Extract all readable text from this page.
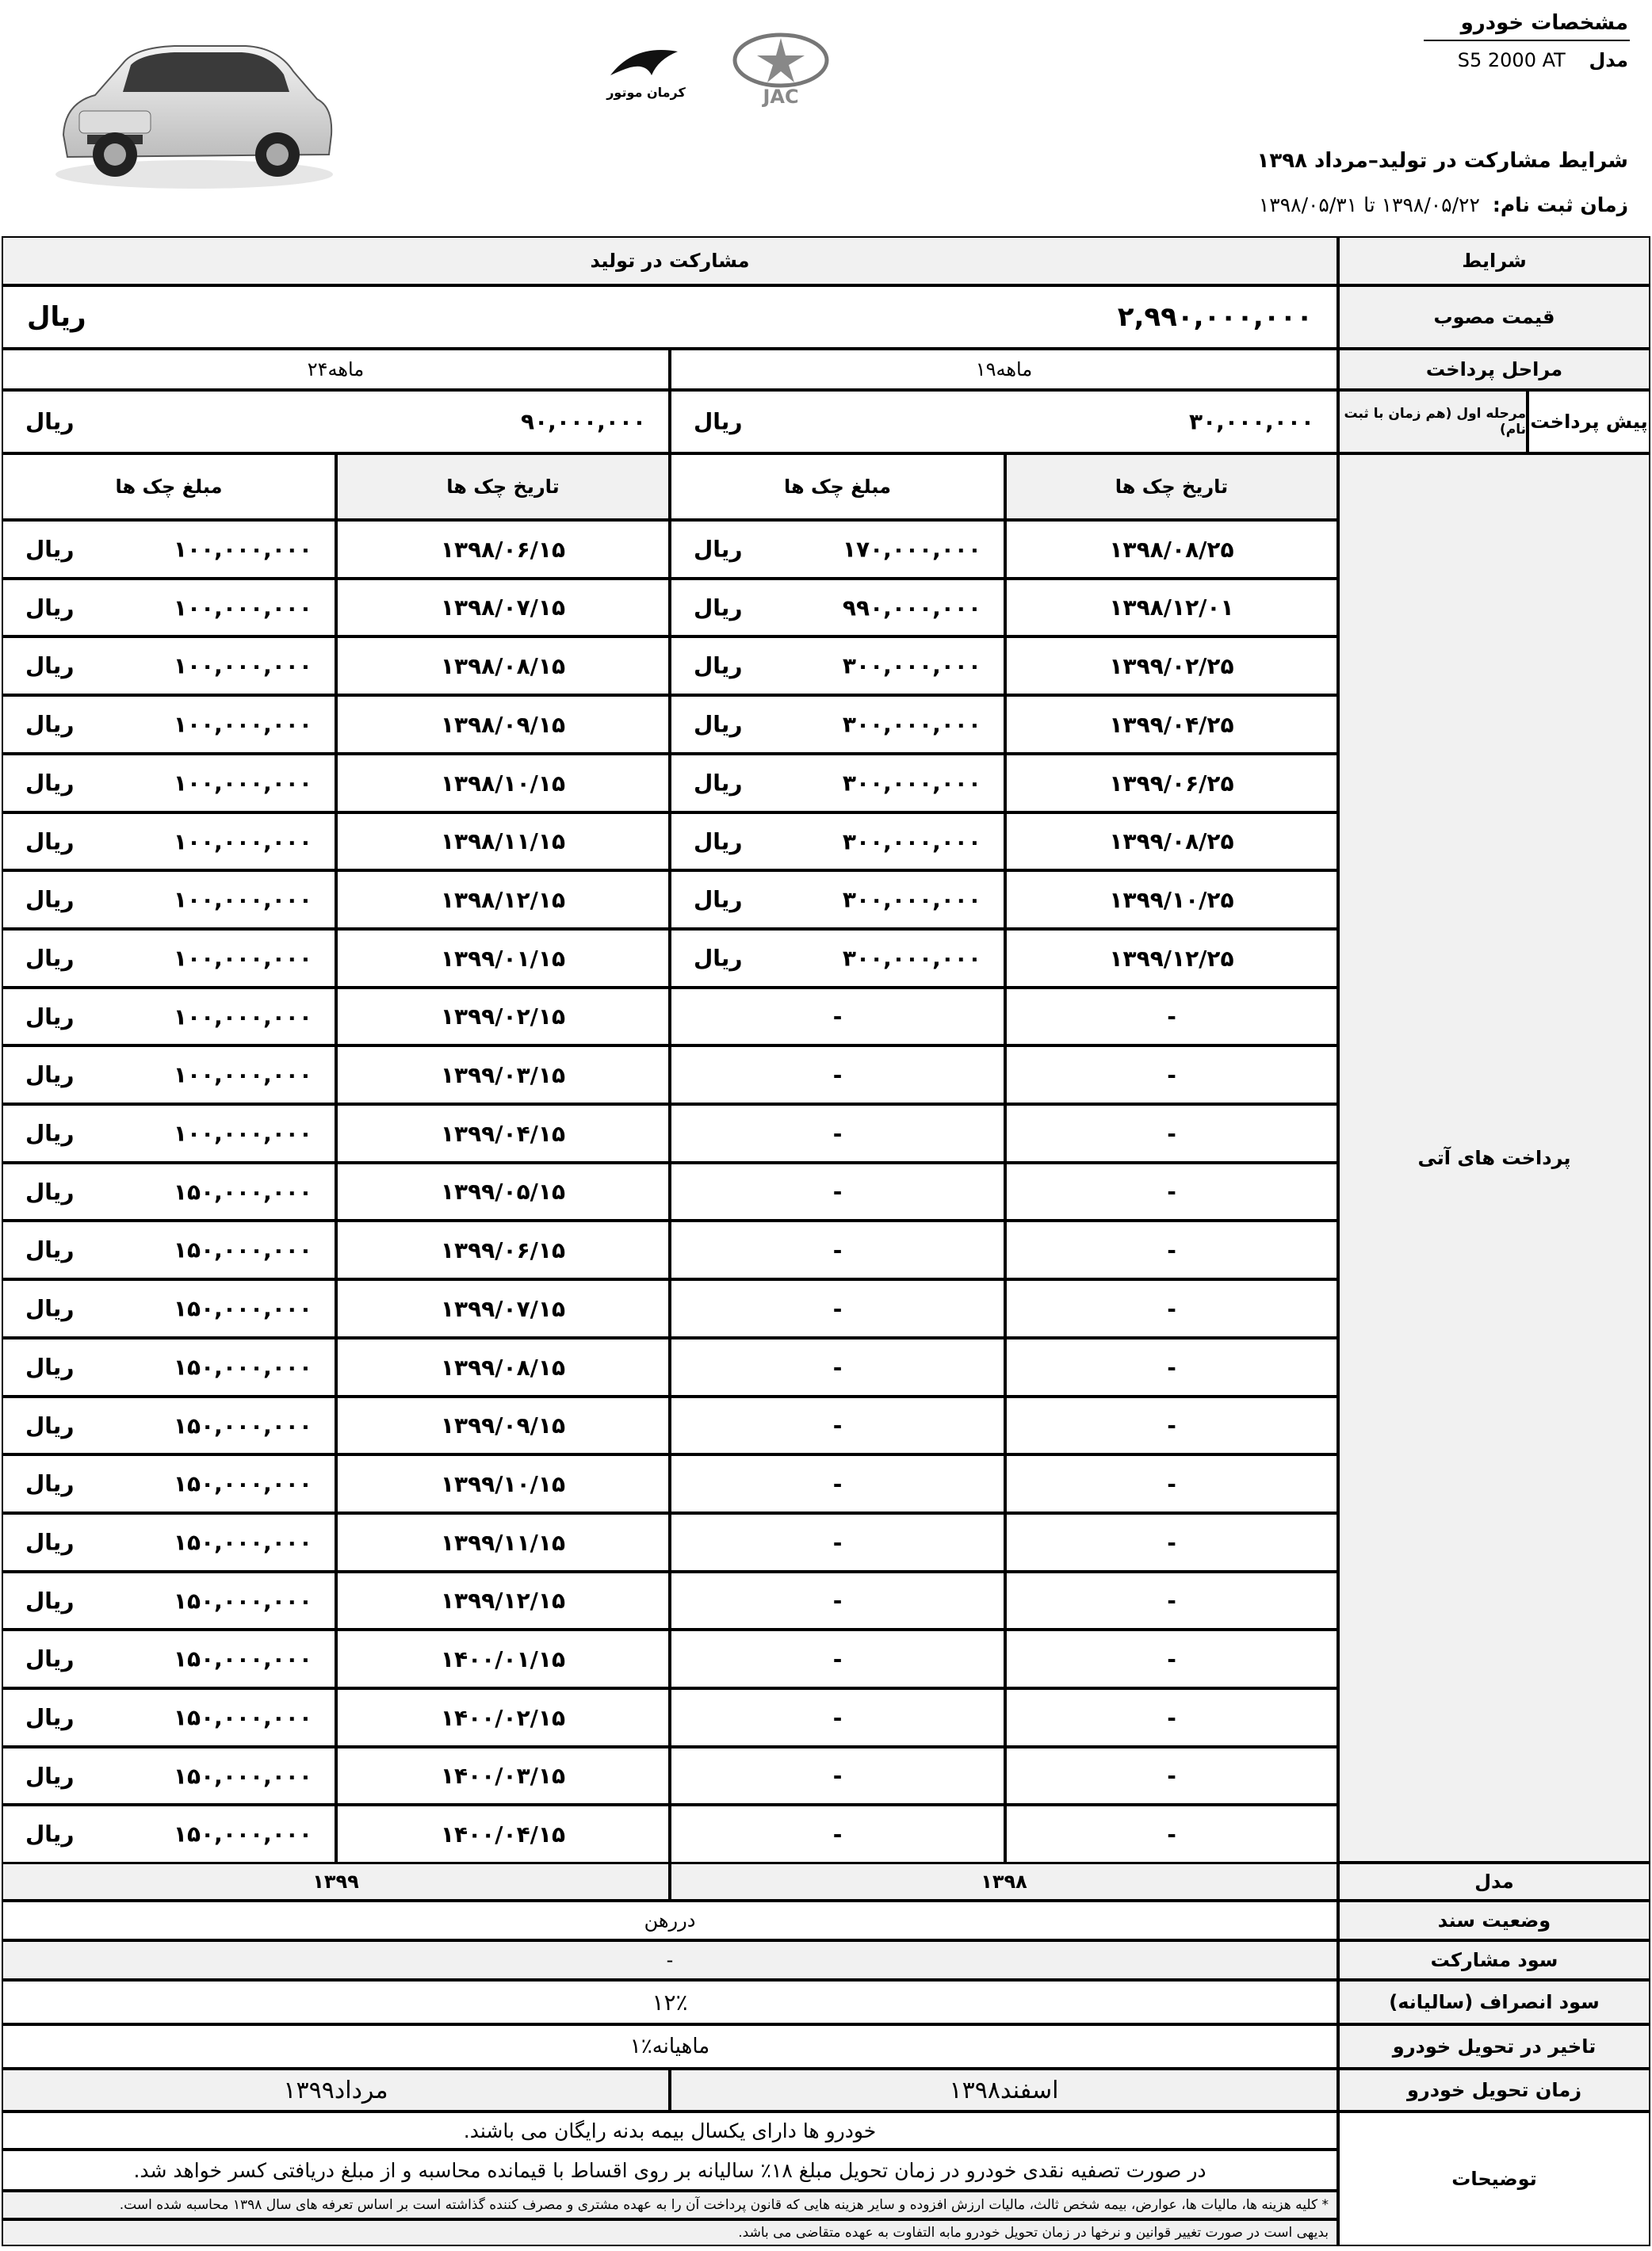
مشخصات خودرو
مدل S5 2000 AT
شرایط مشارکت در تولید–مرداد ۱۳۹۸
زمان ثبت نام: ۱۳۹۸/۰۵/۲۲ تا ۱۳۹۸/۰۵/۳۱
کرمان موتور	JAC
شرایط
مشارکت در تولید
قیمت مصوب
۲,۹۹۰,۰۰۰,۰۰۰
ریال
مراحل پرداخت
۱۹ماهه
۲۴ماهه
پیش پرداخت
مرحله اول (هم زمان با ثبت نام)
۳۰,۰۰۰,۰۰۰
ریال
۹۰,۰۰۰,۰۰۰
ریال
پرداخت های آتی
تاریخ چک ها
مبلغ چک ها
تاریخ چک ها
مبلغ چک ها
۱۳۹۸/۰۸/۲۵
۱۷۰,۰۰۰,۰۰۰
ریال
۱۳۹۸/۰۶/۱۵
۱۰۰,۰۰۰,۰۰۰
ریال
۱۳۹۸/۱۲/۰۱
۹۹۰,۰۰۰,۰۰۰
ریال
۱۳۹۸/۰۷/۱۵
۱۰۰,۰۰۰,۰۰۰
ریال
۱۳۹۹/۰۲/۲۵
۳۰۰,۰۰۰,۰۰۰
ریال
۱۳۹۸/۰۸/۱۵
۱۰۰,۰۰۰,۰۰۰
ریال
۱۳۹۹/۰۴/۲۵
۳۰۰,۰۰۰,۰۰۰
ریال
۱۳۹۸/۰۹/۱۵
۱۰۰,۰۰۰,۰۰۰
ریال
۱۳۹۹/۰۶/۲۵
۳۰۰,۰۰۰,۰۰۰
ریال
۱۳۹۸/۱۰/۱۵
۱۰۰,۰۰۰,۰۰۰
ریال
۱۳۹۹/۰۸/۲۵
۳۰۰,۰۰۰,۰۰۰
ریال
۱۳۹۸/۱۱/۱۵
۱۰۰,۰۰۰,۰۰۰
ریال
۱۳۹۹/۱۰/۲۵
۳۰۰,۰۰۰,۰۰۰
ریال
۱۳۹۸/۱۲/۱۵
۱۰۰,۰۰۰,۰۰۰
ریال
۱۳۹۹/۱۲/۲۵
۳۰۰,۰۰۰,۰۰۰
ریال
۱۳۹۹/۰۱/۱۵
۱۰۰,۰۰۰,۰۰۰
ریال
-
-
۱۳۹۹/۰۲/۱۵
۱۰۰,۰۰۰,۰۰۰
ریال
-
-
۱۳۹۹/۰۳/۱۵
۱۰۰,۰۰۰,۰۰۰
ریال
-
-
۱۳۹۹/۰۴/۱۵
۱۰۰,۰۰۰,۰۰۰
ریال
-
-
۱۳۹۹/۰۵/۱۵
۱۵۰,۰۰۰,۰۰۰
ریال
-
-
۱۳۹۹/۰۶/۱۵
۱۵۰,۰۰۰,۰۰۰
ریال
-
-
۱۳۹۹/۰۷/۱۵
۱۵۰,۰۰۰,۰۰۰
ریال
-
-
۱۳۹۹/۰۸/۱۵
۱۵۰,۰۰۰,۰۰۰
ریال
-
-
۱۳۹۹/۰۹/۱۵
۱۵۰,۰۰۰,۰۰۰
ریال
-
-
۱۳۹۹/۱۰/۱۵
۱۵۰,۰۰۰,۰۰۰
ریال
-
-
۱۳۹۹/۱۱/۱۵
۱۵۰,۰۰۰,۰۰۰
ریال
-
-
۱۳۹۹/۱۲/۱۵
۱۵۰,۰۰۰,۰۰۰
ریال
-
-
۱۴۰۰/۰۱/۱۵
۱۵۰,۰۰۰,۰۰۰
ریال
-
-
۱۴۰۰/۰۲/۱۵
۱۵۰,۰۰۰,۰۰۰
ریال
-
-
۱۴۰۰/۰۳/۱۵
۱۵۰,۰۰۰,۰۰۰
ریال
-
-
۱۴۰۰/۰۴/۱۵
۱۵۰,۰۰۰,۰۰۰
ریال
مدل
۱۳۹۸
۱۳۹۹
وضعیت سند
دررهن
سود مشارکت
-
سود انصراف (سالیانه)
۱۲٪
تاخیر در تحویل خودرو
۱٪ماهیانه
زمان تحویل خودرو
اسفند۱۳۹۸
مرداد۱۳۹۹
توضیحات
خودرو ها دارای یکسال بیمه بدنه رایگان می باشند.
در صورت تصفیه نقدی خودرو در زمان تحویل مبلغ ۱۸٪ سالیانه بر روی اقساط با قیمانده محاسبه و از مبلغ دریافتی کسر خواهد شد.
* کلیه هزینه ها، مالیات ها، عوارض، بیمه شخص ثالث، مالیات ارزش افزوده و سایر هزینه هایی که قانون پرداخت آن را به عهده مشتری و مصرف کننده گذاشته است بر اساس تعرفه های سال ۱۳۹۸ محاسبه شده است.
بدیهی است در صورت تغییر قوانین و نرخها در زمان تحویل خودرو مابه التفاوت به عهده متقاضی می باشد.
